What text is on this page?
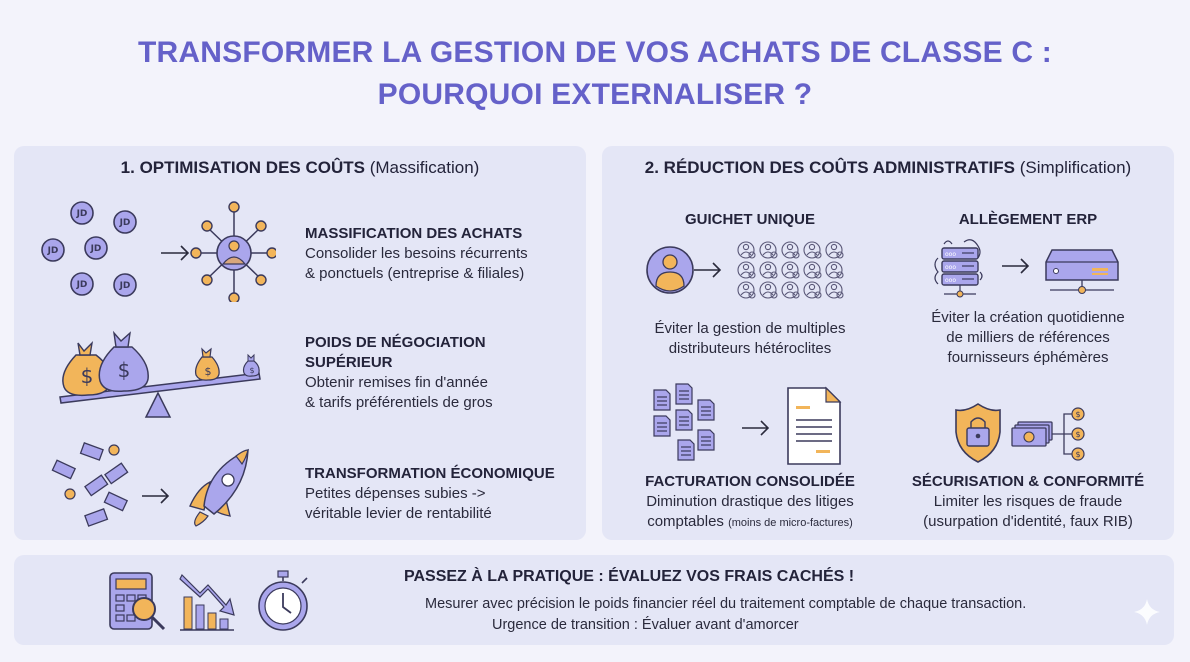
TRANSFORMER LA GESTION DE VOS ACHATS DE CLASSE C :
POURQUOI EXTERNALISER ?
1. OPTIMISATION DES COÛTS (Massification)
JD
JD
JD	JD
JD	JD
MASSIFICATION DES ACHATS
Consolider les besoins récurrents
& ponctuels (entreprise & filiales)
$ $	$	$
POIDS DE NÉGOCIATION
SUPÉRIEUR
Obtenir remises fin d'année
& tarifs préférentiels de gros
TRANSFORMATION ÉCONOMIQUE
Petites dépenses subies ->
véritable levier de rentabilité
2. RÉDUCTION DES COÛTS ADMINISTRATIFS (Simplification)
GUICHET UNIQUE
Éviter la gestion de multiples
distributeurs hétéroclites
ALLÈGEMENT ERP
ooo
ooo
ooo
Éviter la création quotidienne
de milliers de références
fournisseurs éphémères
FACTURATION CONSOLIDÉE
Diminution drastique des litiges
comptables (moins de micro-factures)
$
$
$
SÉCURISATION & CONFORMITÉ
Limiter les risques de fraude
(usurpation d'identité, faux RIB)
PASSEZ À LA PRATIQUE : ÉVALUEZ VOS FRAIS CACHÉS !
Mesurer avec précision le poids financier réel du traitement comptable de chaque transaction.
Urgence de transition : Évaluer avant d'amorcer
